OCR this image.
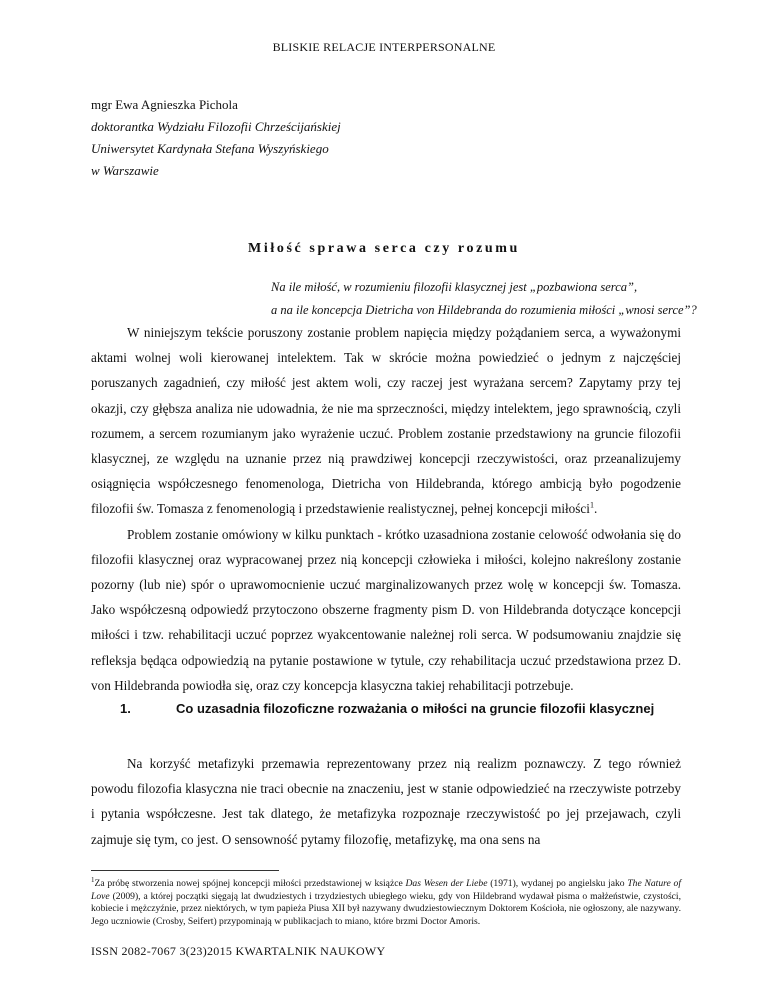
BLISKIE RELACJE INTERPERSONALNE
mgr Ewa Agnieszka Pichola
doktorantka Wydziału Filozofii Chrześcijańskiej
Uniwersytet Kardynała Stefana Wyszyńskiego
w Warszawie
Miłość sprawa serca czy rozumu
Na ile miłość, w rozumieniu filozofii klasycznej jest „pozbawiona serca”,
a na ile koncepcja Dietricha von Hildebranda do rozumienia miłości „wnosi serce”?

W niniejszym tekście poruszony zostanie problem napięcia między pożądaniem serca, a wyważonymi aktami wolnej woli kierowanej intelektem. Tak w skrócie można powiedzieć o jednym z najczęściej poruszanych zagadnień, czy miłość jest aktem woli, czy raczej jest wyrażana sercem? Zapytamy przy tej okazji, czy głębsza analiza nie udowadnia, że nie ma sprzeczności, między intelektem, jego sprawnością, czyli rozumem, a sercem rozumianym jako wyrażenie uczuć. Problem zostanie przedstawiony na gruncie filozofii klasycznej, ze względu na uznanie przez nią prawdziwej koncepcji rzeczywistości, oraz przeanalizujemy osiągnięcia współczesnego fenomenologa, Dietricha von Hildebranda, którego ambicją było pogodzenie filozofii św. Tomasza z fenomenologią i przedstawienie realistycznej, pełnej koncepcji miłości$^1$.

Problem zostanie omówiony w kilku punktach - krótko uzasadniona zostanie celowość odwołania się do filozofii klasycznej oraz wypracowanej przez nią koncepcji człowieka i miłości, kolejno nakreślony zostanie pozorny (lub nie) spór o uprawomocnienie uczuć marginalizowanych przez wolę w koncepcji św. Tomasza. Jako współczesną odpowiedź przytoczono obszerne fragmenty pism D. von Hildebranda dotyczące koncepcji miłości i tzw. rehabilitacji uczuć poprzez wyakcentowanie należnej roli serca. W podsumowaniu znajdzie się refleksja będąca odpowiedzią na pytanie postawione w tytule, czy rehabilitacja uczuć przedstawiona przez D. von Hildebranda powiodła się, oraz czy koncepcja klasyczna takiej rehabilitacji potrzebuje.

1.	Co uzasadnia filozoficzne rozważania o miłości na gruncie filozofii klasycznej

Na korzyść metafizyki przemawia reprezentowany przez nią realizm poznawczy. Z tego również powodu filozofia klasyczna nie traci obecnie na znaczeniu, jest w stanie odpowiedzieć na rzeczywiste potrzeby i pytania współczesne. Jest tak dlatego, że metafizyka rozpoznaje rzeczywistość po jej przejawach, czyli zajmuje się tym, co jest. O sensowność pytamy filozofię, metafizykę, ma ona sens na

$^1$Za próbę stworzenia nowej spójnej koncepcji miłości przedstawionej w książce Das Wesen der Liebe (1971), wydanej po angielsku jako The Nature of Love (2009), a której początki sięgają lat dwudziestych i trzydziestych ubiegłego wieku, gdy von Hildebrand wydawał pisma o małżeństwie, czystości, kobiecie i mężczyźnie, przez niektórych, w tym papieża Piusa XII był nazywany dwudziestowiecznym Doktorem Kościoła, nie ogłoszony, ale nazywany. Jego uczniowie (Crosby, Seifert) przypominają w publikacjach to miano, które brzmi Doctor Amoris.
ISSN 2082-7067 3(23)2015 KWARTALNIK NAUKOWY
